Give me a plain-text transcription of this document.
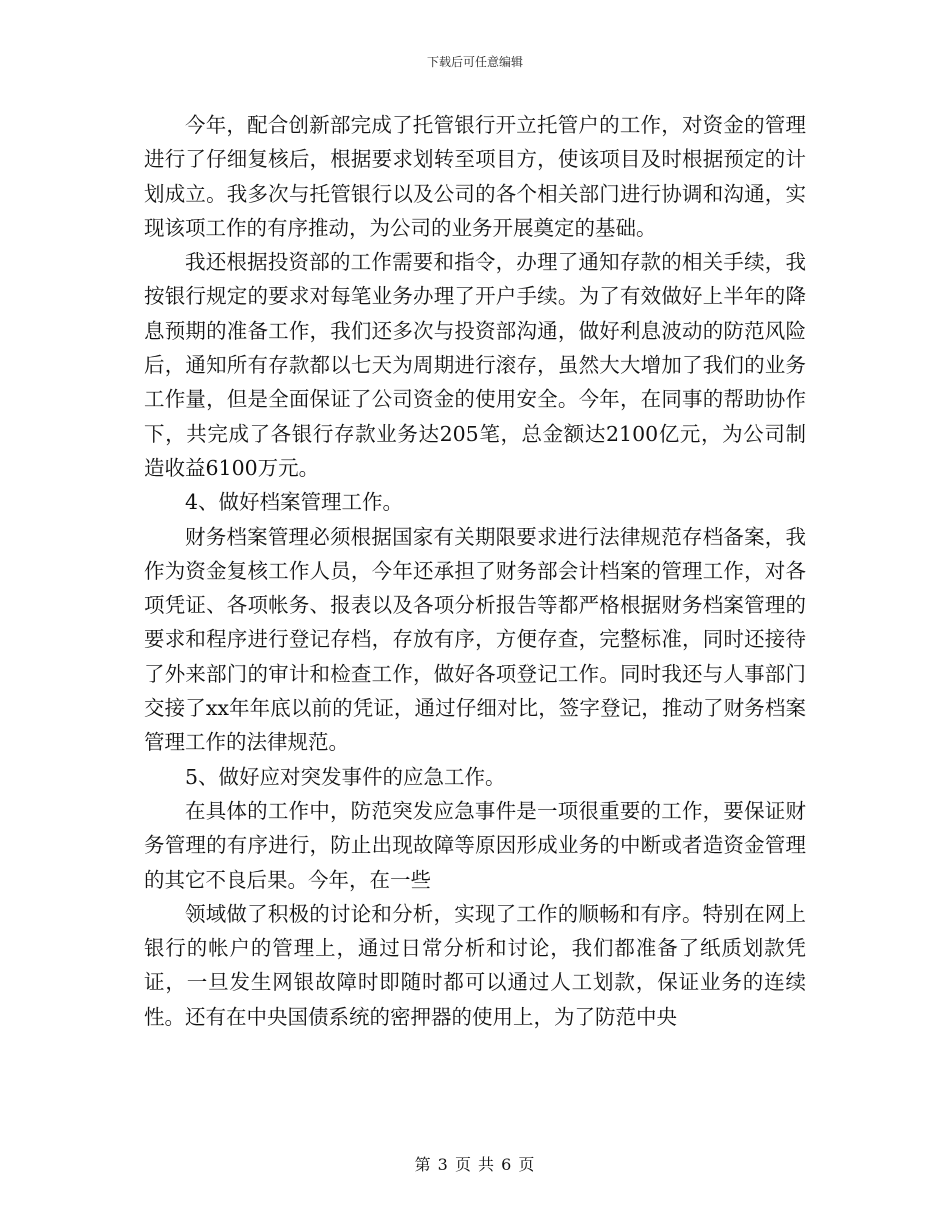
下载后可任意编辑

今年，配合创新部完成了托管银行开立托管户的工作，对资金的管理进行了仔细复核后，根据要求划转至项目方，使该项目及时根据预定的计划成立。我多次与托管银行以及公司的各个相关部门进行协调和沟通，实现该项工作的有序推动，为公司的业务开展奠定的基础。

我还根据投资部的工作需要和指令，办理了通知存款的相关手续，我按银行规定的要求对每笔业务办理了开户手续。为了有效做好上半年的降息预期的准备工作，我们还多次与投资部沟通，做好利息波动的防范风险后，通知所有存款都以七天为周期进行滚存，虽然大大增加了我们的业务工作量，但是全面保证了公司资金的使用安全。今年，在同事的帮助协作下，共完成了各银行存款业务达205笔，总金额达2100亿元，为公司制造收益6100万元。

4、做好档案管理工作。

财务档案管理必须根据国家有关期限要求进行法律规范存档备案，我作为资金复核工作人员，今年还承担了财务部会计档案的管理工作，对各项凭证、各项帐务、报表以及各项分析报告等都严格根据财务档案管理的要求和程序进行登记存档，存放有序，方便存查，完整标准，同时还接待了外来部门的审计和检查工作，做好各项登记工作。同时我还与人事部门交接了xx年年底以前的凭证，通过仔细对比，签字登记，推动了财务档案管理工作的法律规范。

5、做好应对突发事件的应急工作。

在具体的工作中，防范突发应急事件是一项很重要的工作，要保证财务管理的有序进行，防止出现故障等原因形成业务的中断或者造资金管理的其它不良后果。今年，在一些

领域做了积极的讨论和分析，实现了工作的顺畅和有序。特别在网上银行的帐户的管理上，通过日常分析和讨论，我们都准备了纸质划款凭证，一旦发生网银故障时即随时都可以通过人工划款，保证业务的连续性。还有在中央国债系统的密押器的使用上，为了防范中央

第 3 页 共 6 页
